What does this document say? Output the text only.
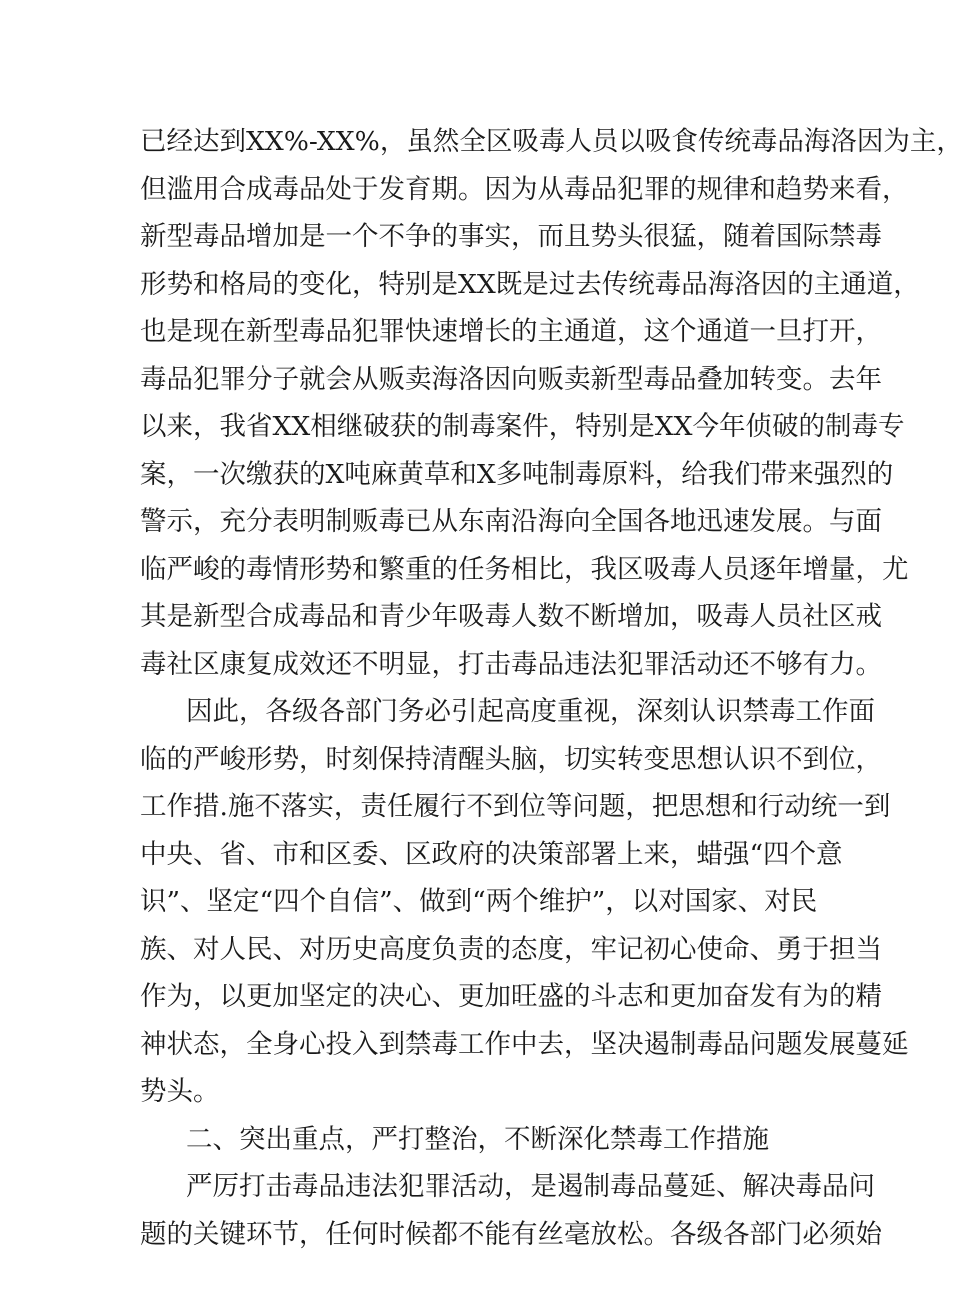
已经达到XX%-XX%，虽然全区吸毒人员以吸食传统毒品海洛因为主，
但滥用合成毒品处于发育期。因为从毒品犯罪的规律和趋势来看，
新型毒品增加是一个不争的事实，而且势头很猛，随着国际禁毒
形势和格局的变化，特别是XX既是过去传统毒品海洛因的主通道，
也是现在新型毒品犯罪快速增长的主通道，这个通道一旦打开，
毒品犯罪分子就会从贩卖海洛因向贩卖新型毒品叠加转变。去年
以来，我省XX相继破获的制毒案件，特别是XX今年侦破的制毒专
案，一次缴获的X吨麻黄草和X多吨制毒原料，给我们带来强烈的
警示，充分表明制贩毒已从东南沿海向全国各地迅速发展。与面
临严峻的毒情形势和繁重的任务相比，我区吸毒人员逐年增量，尤
其是新型合成毒品和青少年吸毒人数不断增加，吸毒人员社区戒
毒社区康复成效还不明显，打击毒品违法犯罪活动还不够有力。
因此，各级各部门务必引起高度重视，深刻认识禁毒工作面
临的严峻形势，时刻保持清醒头脑，切实转变思想认识不到位，
工作措.施不落实，责任履行不到位等问题，把思想和行动统一到
中央、省、市和区委、区政府的决策部署上来，蜡强“四个意
识”、坚定“四个自信”、做到“两个维护”，以对国家、对民
族、对人民、对历史高度负责的态度，牢记初心使命、勇于担当
作为，以更加坚定的决心、更加旺盛的斗志和更加奋发有为的精
神状态，全身心投入到禁毒工作中去，坚决遏制毒品问题发展蔓延
势头。
二、突出重点，严打整治，不断深化禁毒工作措施
严厉打击毒品违法犯罪活动，是遏制毒品蔓延、解决毒品问
题的关键环节，任何时候都不能有丝毫放松。各级各部门必须始
